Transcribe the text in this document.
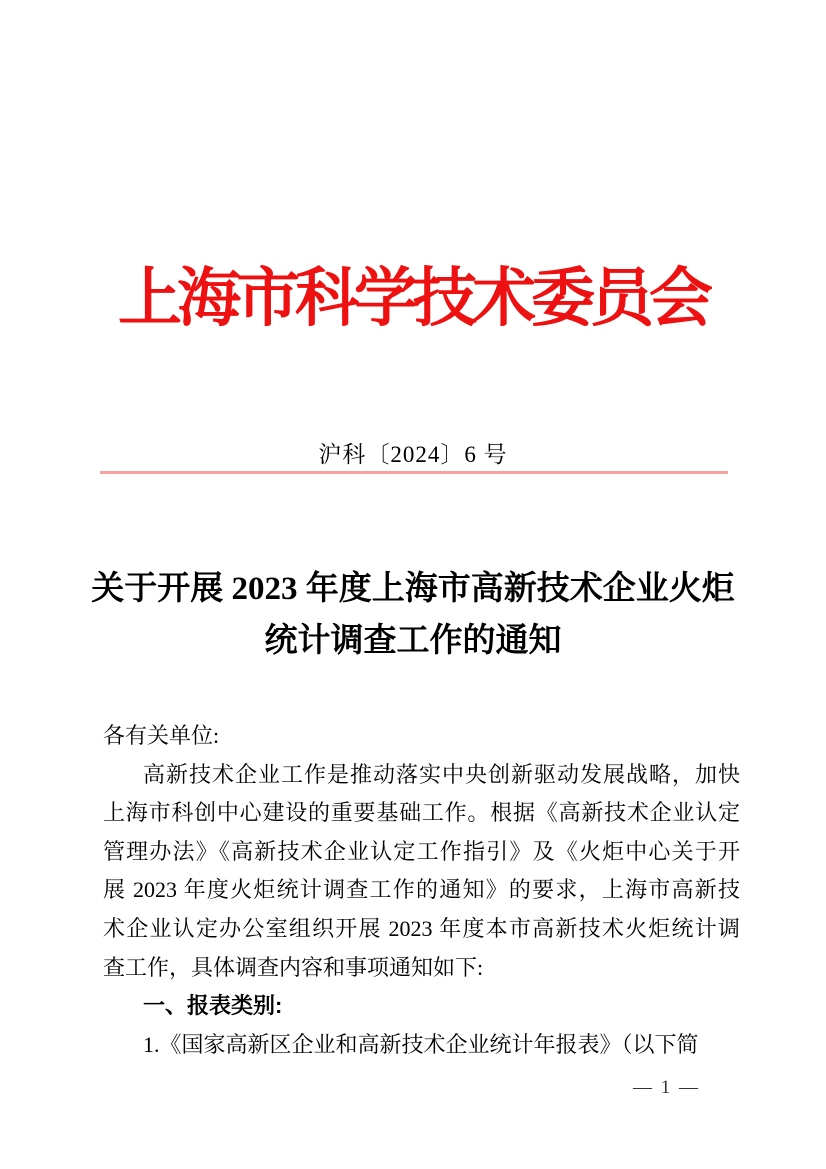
上海市科学技术委员会
沪科〔2024〕6 号
关于开展 2023 年度上海市高新技术企业火炬
统计调查工作的通知
各有关单位:
高新技术企业工作是推动落实中央创新驱动发展战略，加快
上海市科创中心建设的重要基础工作。根据《高新技术企业认定
管理办法》《高新技术企业认定工作指引》及《火炬中心关于开
展 2023 年度火炬统计调查工作的通知》的要求，上海市高新技
术企业认定办公室组织开展 2023 年度本市高新技术火炬统计调
查工作，具体调查内容和事项通知如下:
一、报表类别:
1.《国家高新区企业和高新技术企业统计年报表》（以下简
— 1 —
